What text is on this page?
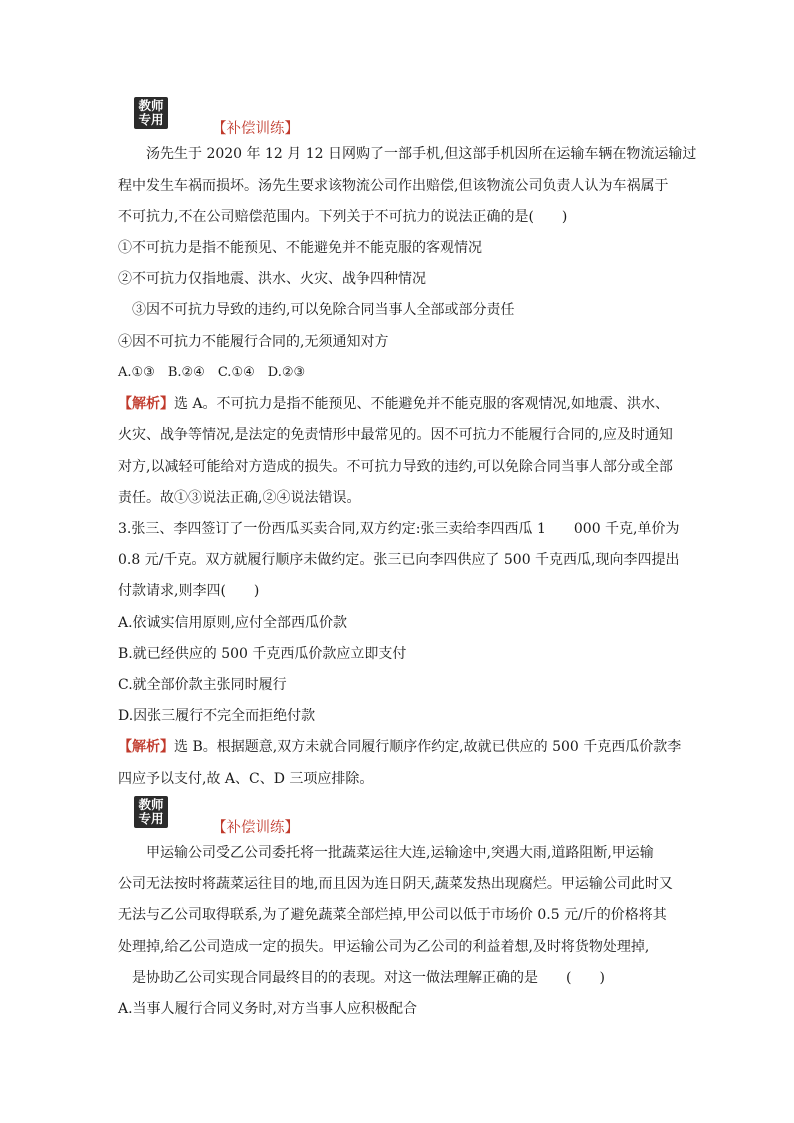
教师
专用
【补偿训练】
汤先生于 2020 年 12 月 12 日网购了一部手机,但这部手机因所在运输车辆在物流运输过
程中发生车祸而损坏。汤先生要求该物流公司作出赔偿,但该物流公司负责人认为车祸属于
不可抗力,不在公司赔偿范围内。下列关于不可抗力的说法正确的是(　　)
①不可抗力是指不能预见、不能避免并不能克服的客观情况
②不可抗力仅指地震、洪水、火灾、战争四种情况
③因不可抗力导致的违约,可以免除合同当事人全部或部分责任
④因不可抗力不能履行合同的,无须通知对方
A.①③　B.②④　C.①④　D.②③
【解析】选 A。不可抗力是指不能预见、不能避免并不能克服的客观情况,如地震、洪水、
火灾、战争等情况,是法定的免责情形中最常见的。因不可抗力不能履行合同的,应及时通知
对方,以减轻可能给对方造成的损失。不可抗力导致的违约,可以免除合同当事人部分或全部
责任。故①③说法正确,②④说法错误。
3.张三、李四签订了一份西瓜买卖合同,双方约定:张三卖给李四西瓜 1　　000 千克,单价为
0.8 元/千克。双方就履行顺序未做约定。张三已向李四供应了 500 千克西瓜,现向李四提出
付款请求,则李四(　　)
A.依诚实信用原则,应付全部西瓜价款
B.就已经供应的 500 千克西瓜价款应立即支付
C.就全部价款主张同时履行
D.因张三履行不完全而拒绝付款
【解析】选 B。根据题意,双方未就合同履行顺序作约定,故就已供应的 500 千克西瓜价款李
四应予以支付,故 A、C、D 三项应排除。
教师
专用
【补偿训练】
甲运输公司受乙公司委托将一批蔬菜运往大连,运输途中,突遇大雨,道路阻断,甲运输
公司无法按时将蔬菜运往目的地,而且因为连日阴天,蔬菜发热出现腐烂。甲运输公司此时又
无法与乙公司取得联系,为了避免蔬菜全部烂掉,甲公司以低于市场价 0.5 元/斤的价格将其
处理掉,给乙公司造成一定的损失。甲运输公司为乙公司的利益着想,及时将货物处理掉,
是协助乙公司实现合同最终目的的表现。对这一做法理解正确的是　　(　　)
A.当事人履行合同义务时,对方当事人应积极配合
